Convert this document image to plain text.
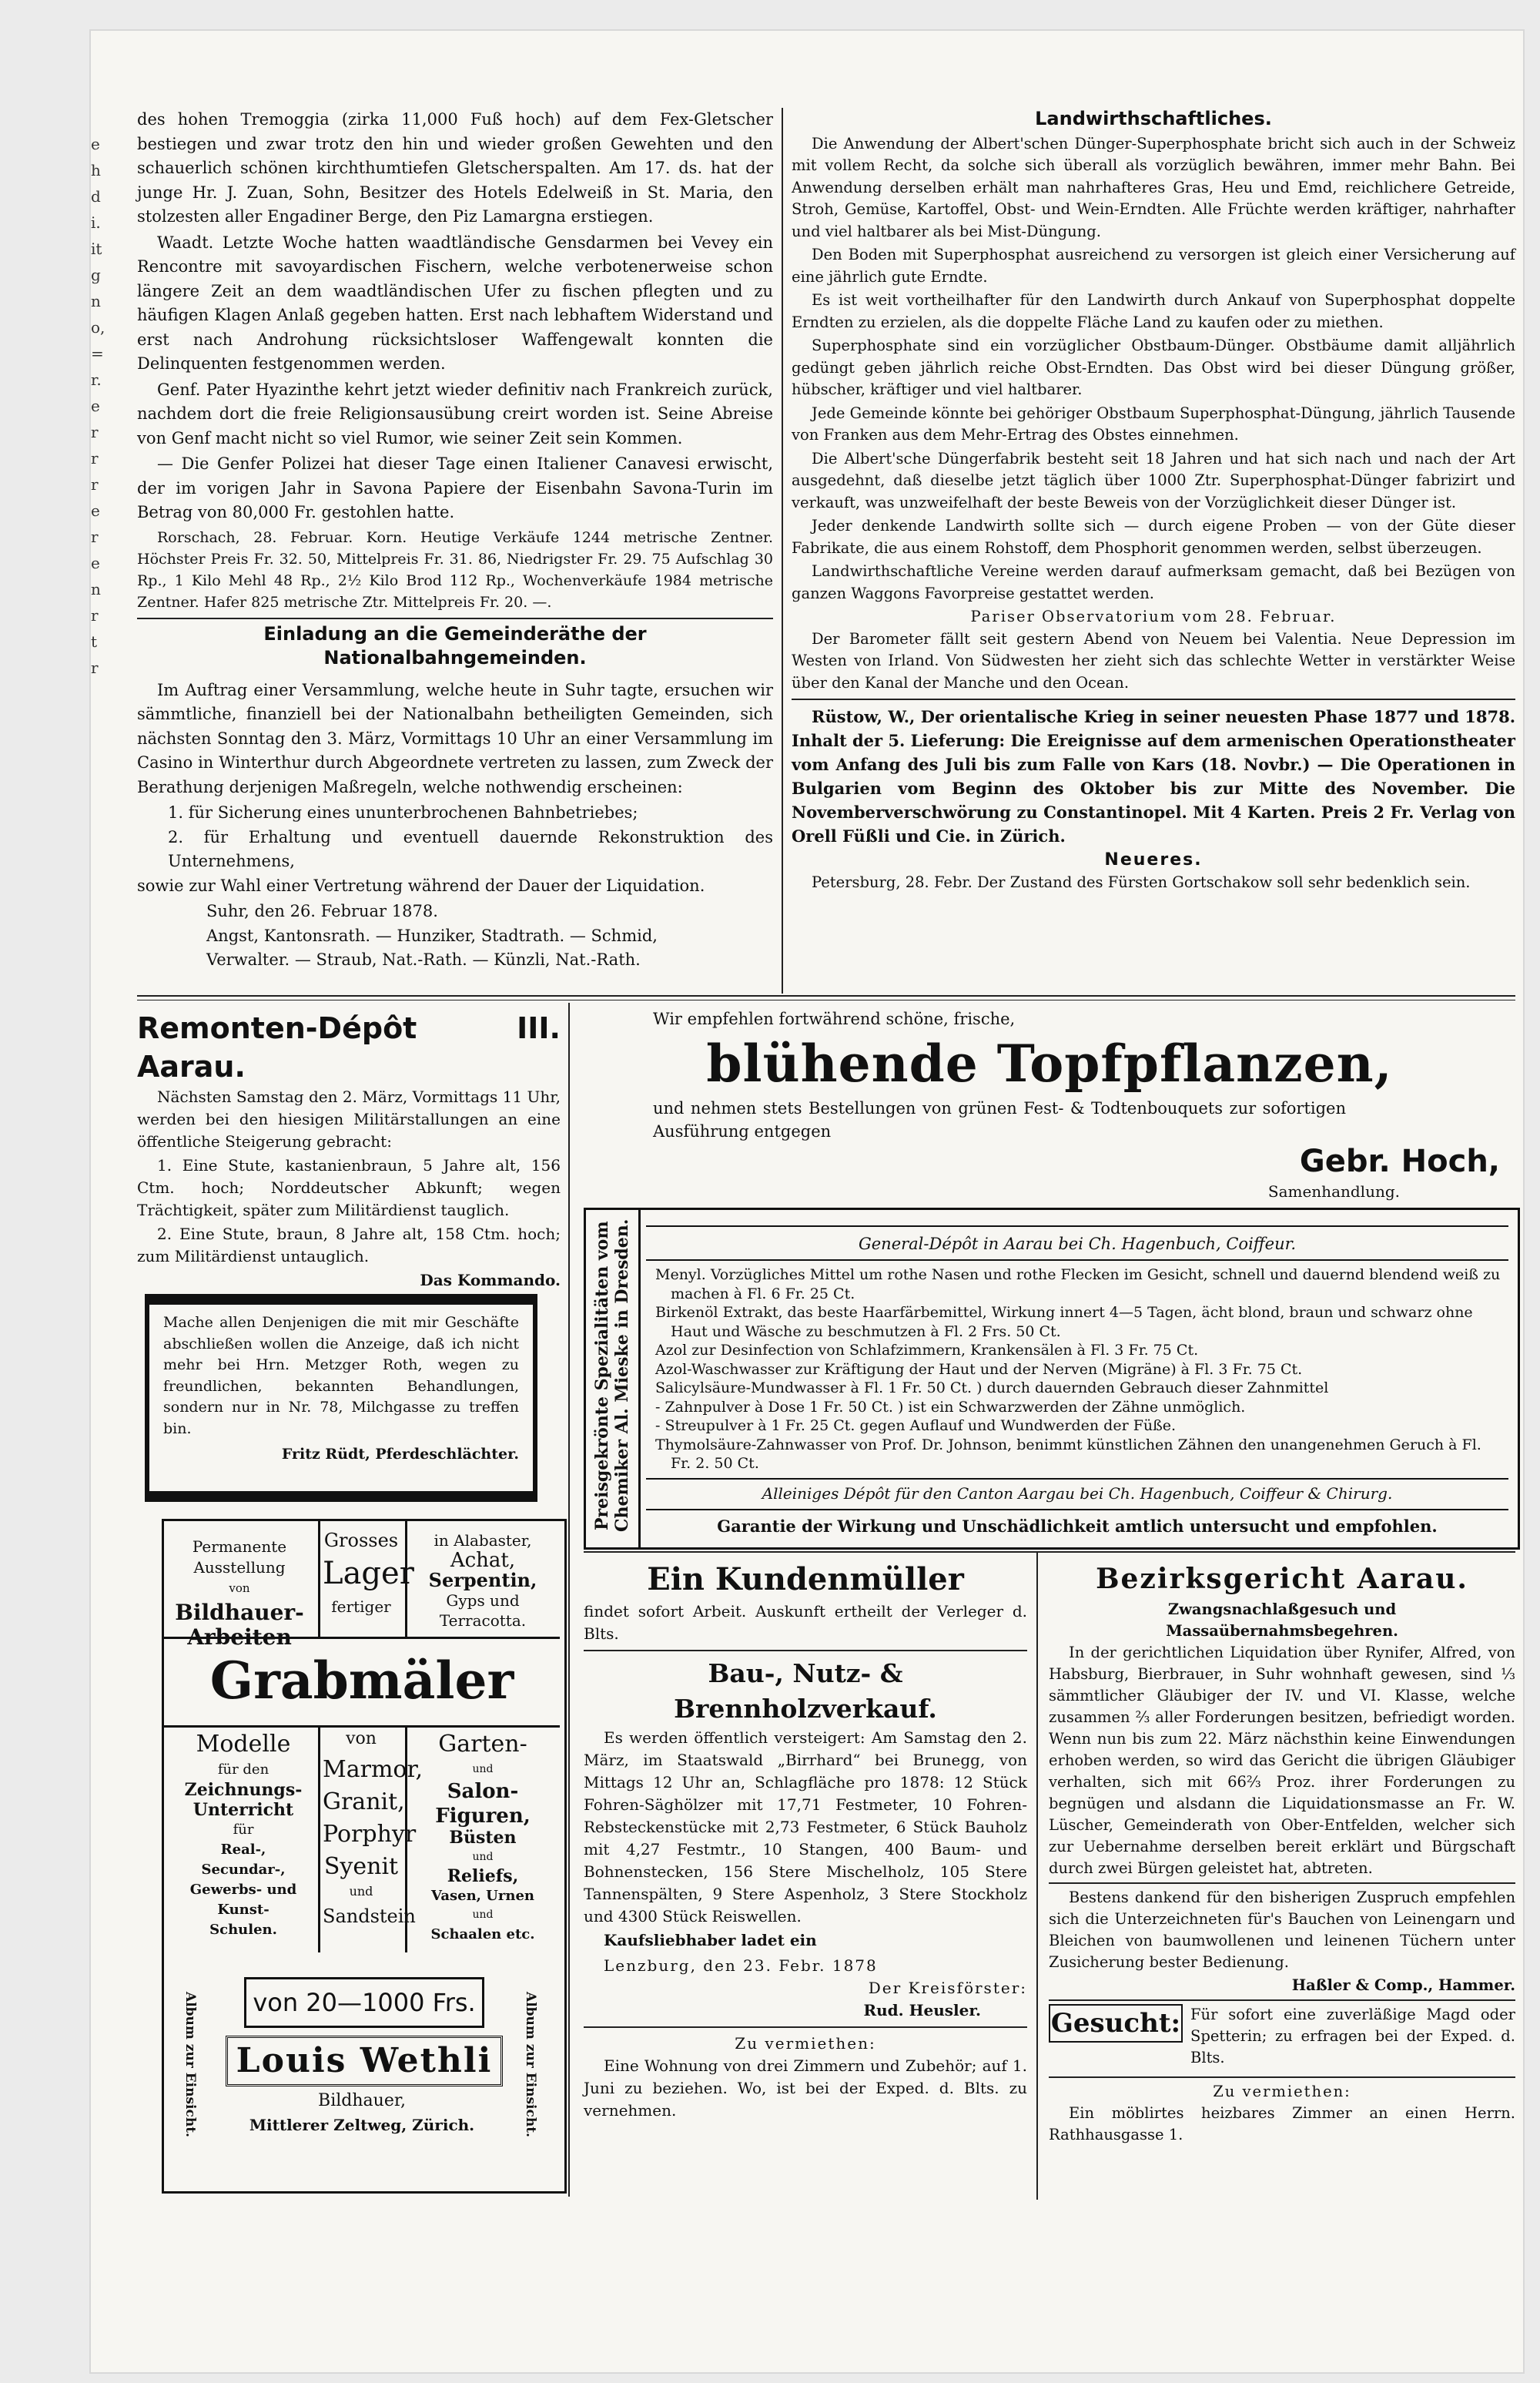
e
h
d
i.
it
g
n
o,
=
r.
e
r
r
r
e
r
e
n
r
t
r

des hohen Tremoggia (zirka 11,000 Fuß hoch) auf dem Fex-Gletscher bestiegen und zwar trotz den hin und wieder großen Gewehten und den schauerlich schönen kirchthumtiefen Gletscherspalten. Am 17. ds. hat der junge Hr. J. Zuan, Sohn, Besitzer des Hotels Edelweiß in St. Maria, den stolzesten aller Engadiner Berge, den Piz Lamargna erstiegen.

Waadt. Letzte Woche hatten waadtländische Gensdarmen bei Vevey ein Rencontre mit savoyardischen Fischern, welche verbotenerweise schon längere Zeit an dem waadtländischen Ufer zu fischen pflegten und zu häufigen Klagen Anlaß gegeben hatten. Erst nach lebhaftem Widerstand und erst nach Androhung rücksichtsloser Waffengewalt konnten die Delinquenten festgenommen werden.

Genf. Pater Hyazinthe kehrt jetzt wieder definitiv nach Frankreich zurück, nachdem dort die freie Religionsausübung creirt worden ist. Seine Abreise von Genf macht nicht so viel Rumor, wie seiner Zeit sein Kommen.

— Die Genfer Polizei hat dieser Tage einen Italiener Canavesi erwischt, der im vorigen Jahr in Savona Papiere der Eisenbahn Savona-Turin im Betrag von 80,000 Fr. gestohlen hatte.

Rorschach, 28. Februar. Korn. Heutige Verkäufe 1244 metrische Zentner. Höchster Preis Fr. 32. 50, Mittelpreis Fr. 31. 86, Niedrigster Fr. 29. 75 Aufschlag 30 Rp., 1 Kilo Mehl 48 Rp., 2½ Kilo Brod 112 Rp., Wochenverkäufe 1984 metrische Zentner. Hafer 825 metrische Ztr. Mittelpreis Fr. 20. —.

Einladung an die Gemeinderäthe der Nationalbahngemeinden.

Im Auftrag einer Versammlung, welche heute in Suhr tagte, ersuchen wir sämmtliche, finanziell bei der Nationalbahn betheiligten Gemeinden, sich nächsten Sonntag den 3. März, Vormittags 10 Uhr an einer Versammlung im Casino in Winterthur durch Abgeordnete vertreten zu lassen, zum Zweck der Berathung derjenigen Maßregeln, welche nothwendig erscheinen:

1. für Sicherung eines ununterbrochenen Bahnbetriebes;
2. für Erhaltung und eventuell dauernde Rekonstruktion des Unternehmens,

sowie zur Wahl einer Vertretung während der Dauer der Liquidation.

Suhr, den 26. Februar 1878.
Angst, Kantonsrath. — Hunziker, Stadtrath. — Schmid,
Verwalter. — Straub, Nat.-Rath. — Künzli, Nat.-Rath.
Landwirthschaftliches.

Die Anwendung der Albert'schen Dünger-Superphosphate bricht sich auch in der Schweiz mit vollem Recht, da solche sich überall als vorzüglich bewähren, immer mehr Bahn. Bei Anwendung derselben erhält man nahrhafteres Gras, Heu und Emd, reichlichere Getreide, Stroh, Gemüse, Kartoffel, Obst- und Wein-Erndten. Alle Früchte werden kräftiger, nahrhafter und viel haltbarer als bei Mist-Düngung.

Den Boden mit Superphosphat ausreichend zu versorgen ist gleich einer Versicherung auf eine jährlich gute Erndte.

Es ist weit vortheilhafter für den Landwirth durch Ankauf von Superphosphat doppelte Erndten zu erzielen, als die doppelte Fläche Land zu kaufen oder zu miethen.

Superphosphate sind ein vorzüglicher Obstbaum-Dünger. Obstbäume damit alljährlich gedüngt geben jährlich reiche Obst-Erndten. Das Obst wird bei dieser Düngung größer, hübscher, kräftiger und viel haltbarer.

Jede Gemeinde könnte bei gehöriger Obstbaum Superphosphat-Düngung, jährlich Tausende von Franken aus dem Mehr-Ertrag des Obstes einnehmen.

Die Albert'sche Düngerfabrik besteht seit 18 Jahren und hat sich nach und nach der Art ausgedehnt, daß dieselbe jetzt täglich über 1000 Ztr. Superphosphat-Dünger fabrizirt und verkauft, was unzweifelhaft der beste Beweis von der Vorzüglichkeit dieser Dünger ist.

Jeder denkende Landwirth sollte sich — durch eigene Proben — von der Güte dieser Fabrikate, die aus einem Rohstoff, dem Phosphorit genommen werden, selbst überzeugen.

Landwirthschaftliche Vereine werden darauf aufmerksam gemacht, daß bei Bezügen von ganzen Waggons Favorpreise gestattet werden.

Pariser Observatorium vom 28. Februar.

Der Barometer fällt seit gestern Abend von Neuem bei Valentia. Neue Depression im Westen von Irland. Von Südwesten her zieht sich das schlechte Wetter in verstärkter Weise über den Kanal der Manche und den Ocean.

Rüstow, W., Der orientalische Krieg in seiner neuesten Phase 1877 und 1878. Inhalt der 5. Lieferung: Die Ereignisse auf dem armenischen Operationstheater vom Anfang des Juli bis zum Falle von Kars (18. Novbr.) — Die Operationen in Bulgarien vom Beginn des Oktober bis zur Mitte des November. Die Novemberverschwörung zu Constantinopel. Mit 4 Karten. Preis 2 Fr. Verlag von Orell Füßli und Cie. in Zürich.

Neueres.

Petersburg, 28. Febr. Der Zustand des Fürsten Gortschakow soll sehr bedenklich sein.

Remonten-Dépôt III. Aarau.

Nächsten Samstag den 2. März, Vormittags 11 Uhr, werden bei den hiesigen Militärstallungen an eine öffentliche Steigerung gebracht:

1. Eine Stute, kastanienbraun, 5 Jahre alt, 156 Ctm. hoch; Norddeutscher Abkunft; wegen Trächtigkeit, später zum Militärdienst tauglich.

2. Eine Stute, braun, 8 Jahre alt, 158 Ctm. hoch; zum Militärdienst untauglich.

Das Kommando.
Mache allen Denjenigen die mit mir Geschäfte abschließen wollen die Anzeige, daß ich nicht mehr bei Hrn. Metzger Roth, wegen zu freundlichen, bekannten Behandlungen, sondern nur in Nr. 78, Milchgasse zu treffen bin.
Fritz Rüdt, Pferdeschlächter.
Permanente
Ausstellung
von
Bildhauer-
Arbeiten
Grosses
Lager
fertiger
in Alabaster,
Achat,
Serpentin,
Gyps und
Terracotta.
Grabmäler
von
Modelle
für den
Zeichnungs-
Unterricht
für
Real-,
Secundar-,
Gewerbs- und
Kunst-
Schulen.
Marmor,
Granit,
Porphyr
Syenit
und
Sandstein
Garten-
und
Salon-
Figuren,
Büsten
und
Reliefs,
Vasen, Urnen
und
Schaalen etc.
von 20—1000 Frs.
Album zur Einsicht.	Album zur Einsicht.
Louis Wethli
Bildhauer,
Mittlerer Zeltweg, Zürich.
Wir empfehlen fortwährend schöne, frische,
blühende Topfpflanzen,
und nehmen stets Bestellungen von grünen Fest- & Todtenbouquets zur sofortigen Ausführung entgegen
Gebr. Hoch,
Samenhandlung.
Preisgekrönte Spezialitäten vom Chemiker Al. Mieske in Dresden.	General-Dépôt in Aarau bei Ch. Hagenbuch, Coiffeur.
Menyl. Vorzügliches Mittel um rothe Nasen und rothe Flecken im Gesicht, schnell und dauernd blendend weiß zu machen à Fl. 6 Fr. 25 Ct.
Birkenöl Extrakt, das beste Haarfärbemittel, Wirkung innert 4—5 Tagen, ächt blond, braun und schwarz ohne Haut und Wäsche zu beschmutzen à Fl. 2 Frs. 50 Ct.
Azol zur Desinfection von Schlafzimmern, Krankensälen à Fl. 3 Fr. 75 Ct.
Azol-Waschwasser zur Kräftigung der Haut und der Nerven (Migräne) à Fl. 3 Fr. 75 Ct.
Salicylsäure-Mundwasser à Fl. 1 Fr. 50 Ct. ) durch dauernden Gebrauch dieser Zahnmittel
- Zahnpulver à Dose 1 Fr. 50 Ct. ) ist ein Schwarzwerden der Zähne unmöglich.
- Streupulver à 1 Fr. 25 Ct. gegen Auflauf und Wundwerden der Füße.
Thymolsäure-Zahnwasser von Prof. Dr. Johnson, benimmt künstlichen Zähnen den unangenehmen Geruch à Fl. Fr. 2. 50 Ct.
Alleiniges Dépôt für den Canton Aargau bei Ch. Hagenbuch, Coiffeur & Chirurg.
Garantie der Wirkung und Unschädlichkeit amtlich untersucht und empfohlen.
Ein Kundenmüller

findet sofort Arbeit. Auskunft ertheilt der Verleger d. Blts.

Bau-, Nutz- & Brennholzverkauf.

Es werden öffentlich versteigert: Am Samstag den 2. März, im Staatswald „Birrhard“ bei Brunegg, von Mittags 12 Uhr an, Schlagfläche pro 1878: 12 Stück Fohren-Säghölzer mit 17,71 Festmeter, 10 Fohren-Rebsteckenstücke mit 2,73 Festmeter, 6 Stück Bauholz mit 4,27 Festmtr., 10 Stangen, 400 Baum- und Bohnenstecken, 156 Stere Mischelholz, 105 Stere Tannenspälten, 9 Stere Aspenholz, 3 Stere Stockholz und 4300 Stück Reiswellen.

Kaufsliebhaber ladet ein
Lenzburg, den 23. Febr. 1878
Der Kreisförster:
Rud. Heusler.
Zu vermiethen:

Eine Wohnung von drei Zimmern und Zubehör; auf 1. Juni zu beziehen. Wo, ist bei der Exped. d. Blts. zu vernehmen.

Bezirksgericht Aarau.
Zwangsnachlaßgesuch und Massaübernahmsbegehren.

In der gerichtlichen Liquidation über Rynifer, Alfred, von Habsburg, Bierbrauer, in Suhr wohnhaft gewesen, sind ⅓ sämmtlicher Gläubiger der IV. und VI. Klasse, welche zusammen ⅔ aller Forderungen besitzen, befriedigt worden. Wenn nun bis zum 22. März nächsthin keine Einwendungen erhoben werden, so wird das Gericht die übrigen Gläubiger verhalten, sich mit 66⅔ Proz. ihrer Forderungen zu begnügen und alsdann die Liquidationsmasse an Fr. W. Lüscher, Gemeinderath von Ober-Entfelden, welcher sich zur Uebernahme derselben bereit erklärt und Bürgschaft durch zwei Bürgen geleistet hat, abtreten.

Bestens dankend für den bisherigen Zuspruch empfehlen sich die Unterzeichneten für's Bauchen von Leinengarn und Bleichen von baumwollenen und leinenen Tüchern unter Zusicherung bester Bedienung.

Haßler & Comp., Hammer.
Gesucht: Für sofort eine zuverläßige Magd oder Spetterin; zu erfragen bei der Exped. d. Blts.
Zu vermiethen:

Ein möblirtes heizbares Zimmer an einen Herrn. Rathhausgasse 1.
